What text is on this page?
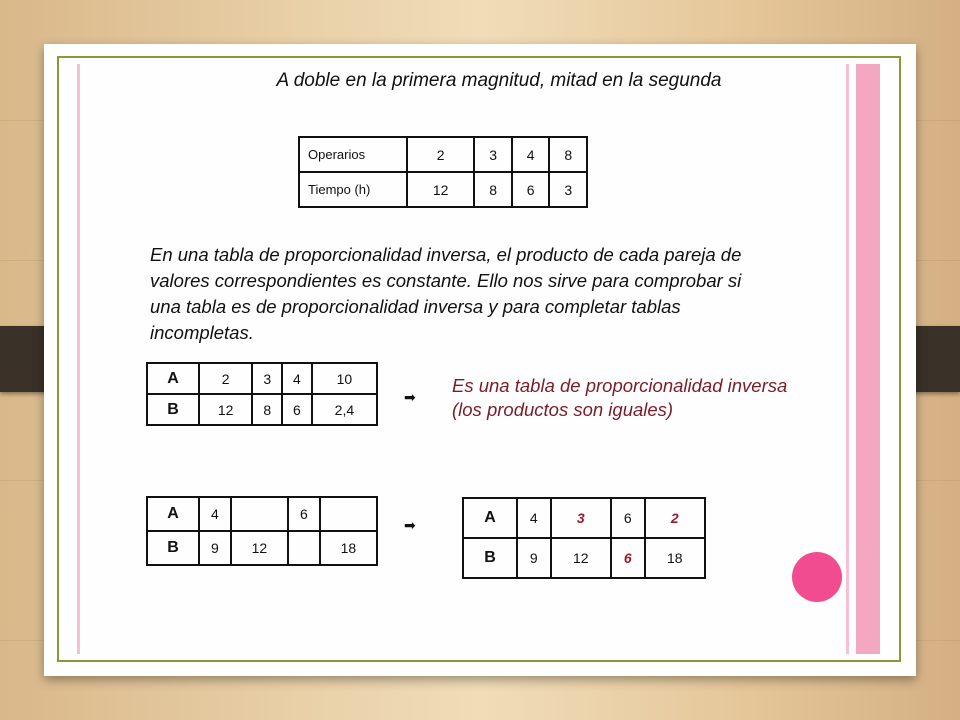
A doble en la primera magnitud, mitad en la segunda
Operarios	2	3	4	8
Tiempo (h)	12	8	6	3
En una tabla de proporcionalidad inversa, el producto de cada pareja de valores correspondientes es constante. Ello nos sirve para comprobar si una tabla es de proporcionalidad inversa y para completar tablas incompletas.
A	2	3	4	10
B	12	8	6	2,4
➡
Es una tabla de proporcionalidad inversa
(los productos son iguales)
A	4		6	
B	9	12		18
➡	A	4	3	6	2
B	9	12	6	18
